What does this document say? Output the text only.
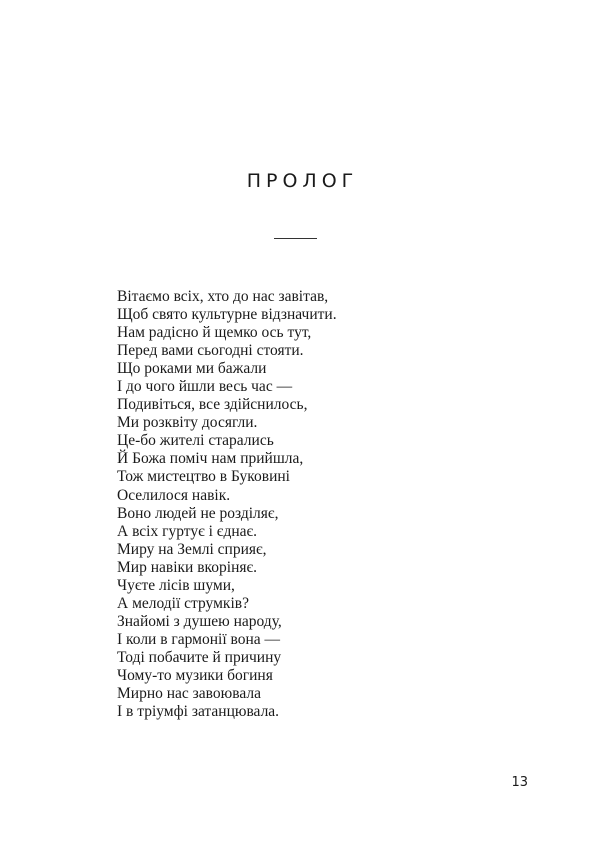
ПРОЛОГ
Вітаємо всіх, хто до нас завітав,
Щоб свято культурне відзначити.
Нам радісно й щемко ось тут,
Перед вами сьогодні стояти.
Що роками ми бажали
І до чого йшли весь час —
Подивіться, все здійснилось,
Ми розквіту досягли.
Це-бо жителі старались
Й Божа поміч нам прийшла,
Тож мистецтво в Буковині
Оселилося навік.
Воно людей не розділяє,
А всіх гуртує і єднає.
Миру на Землі сприяє,
Мир навіки вкоріняє.
Чуєте лісів шуми,
А мелодії струмків?
Знайомі з душею народу,
І коли в гармонії вона —
Тоді побачите й причину
Чому-то музики богиня
Мирно нас завоювала
І в тріумфі затанцювала.
13
